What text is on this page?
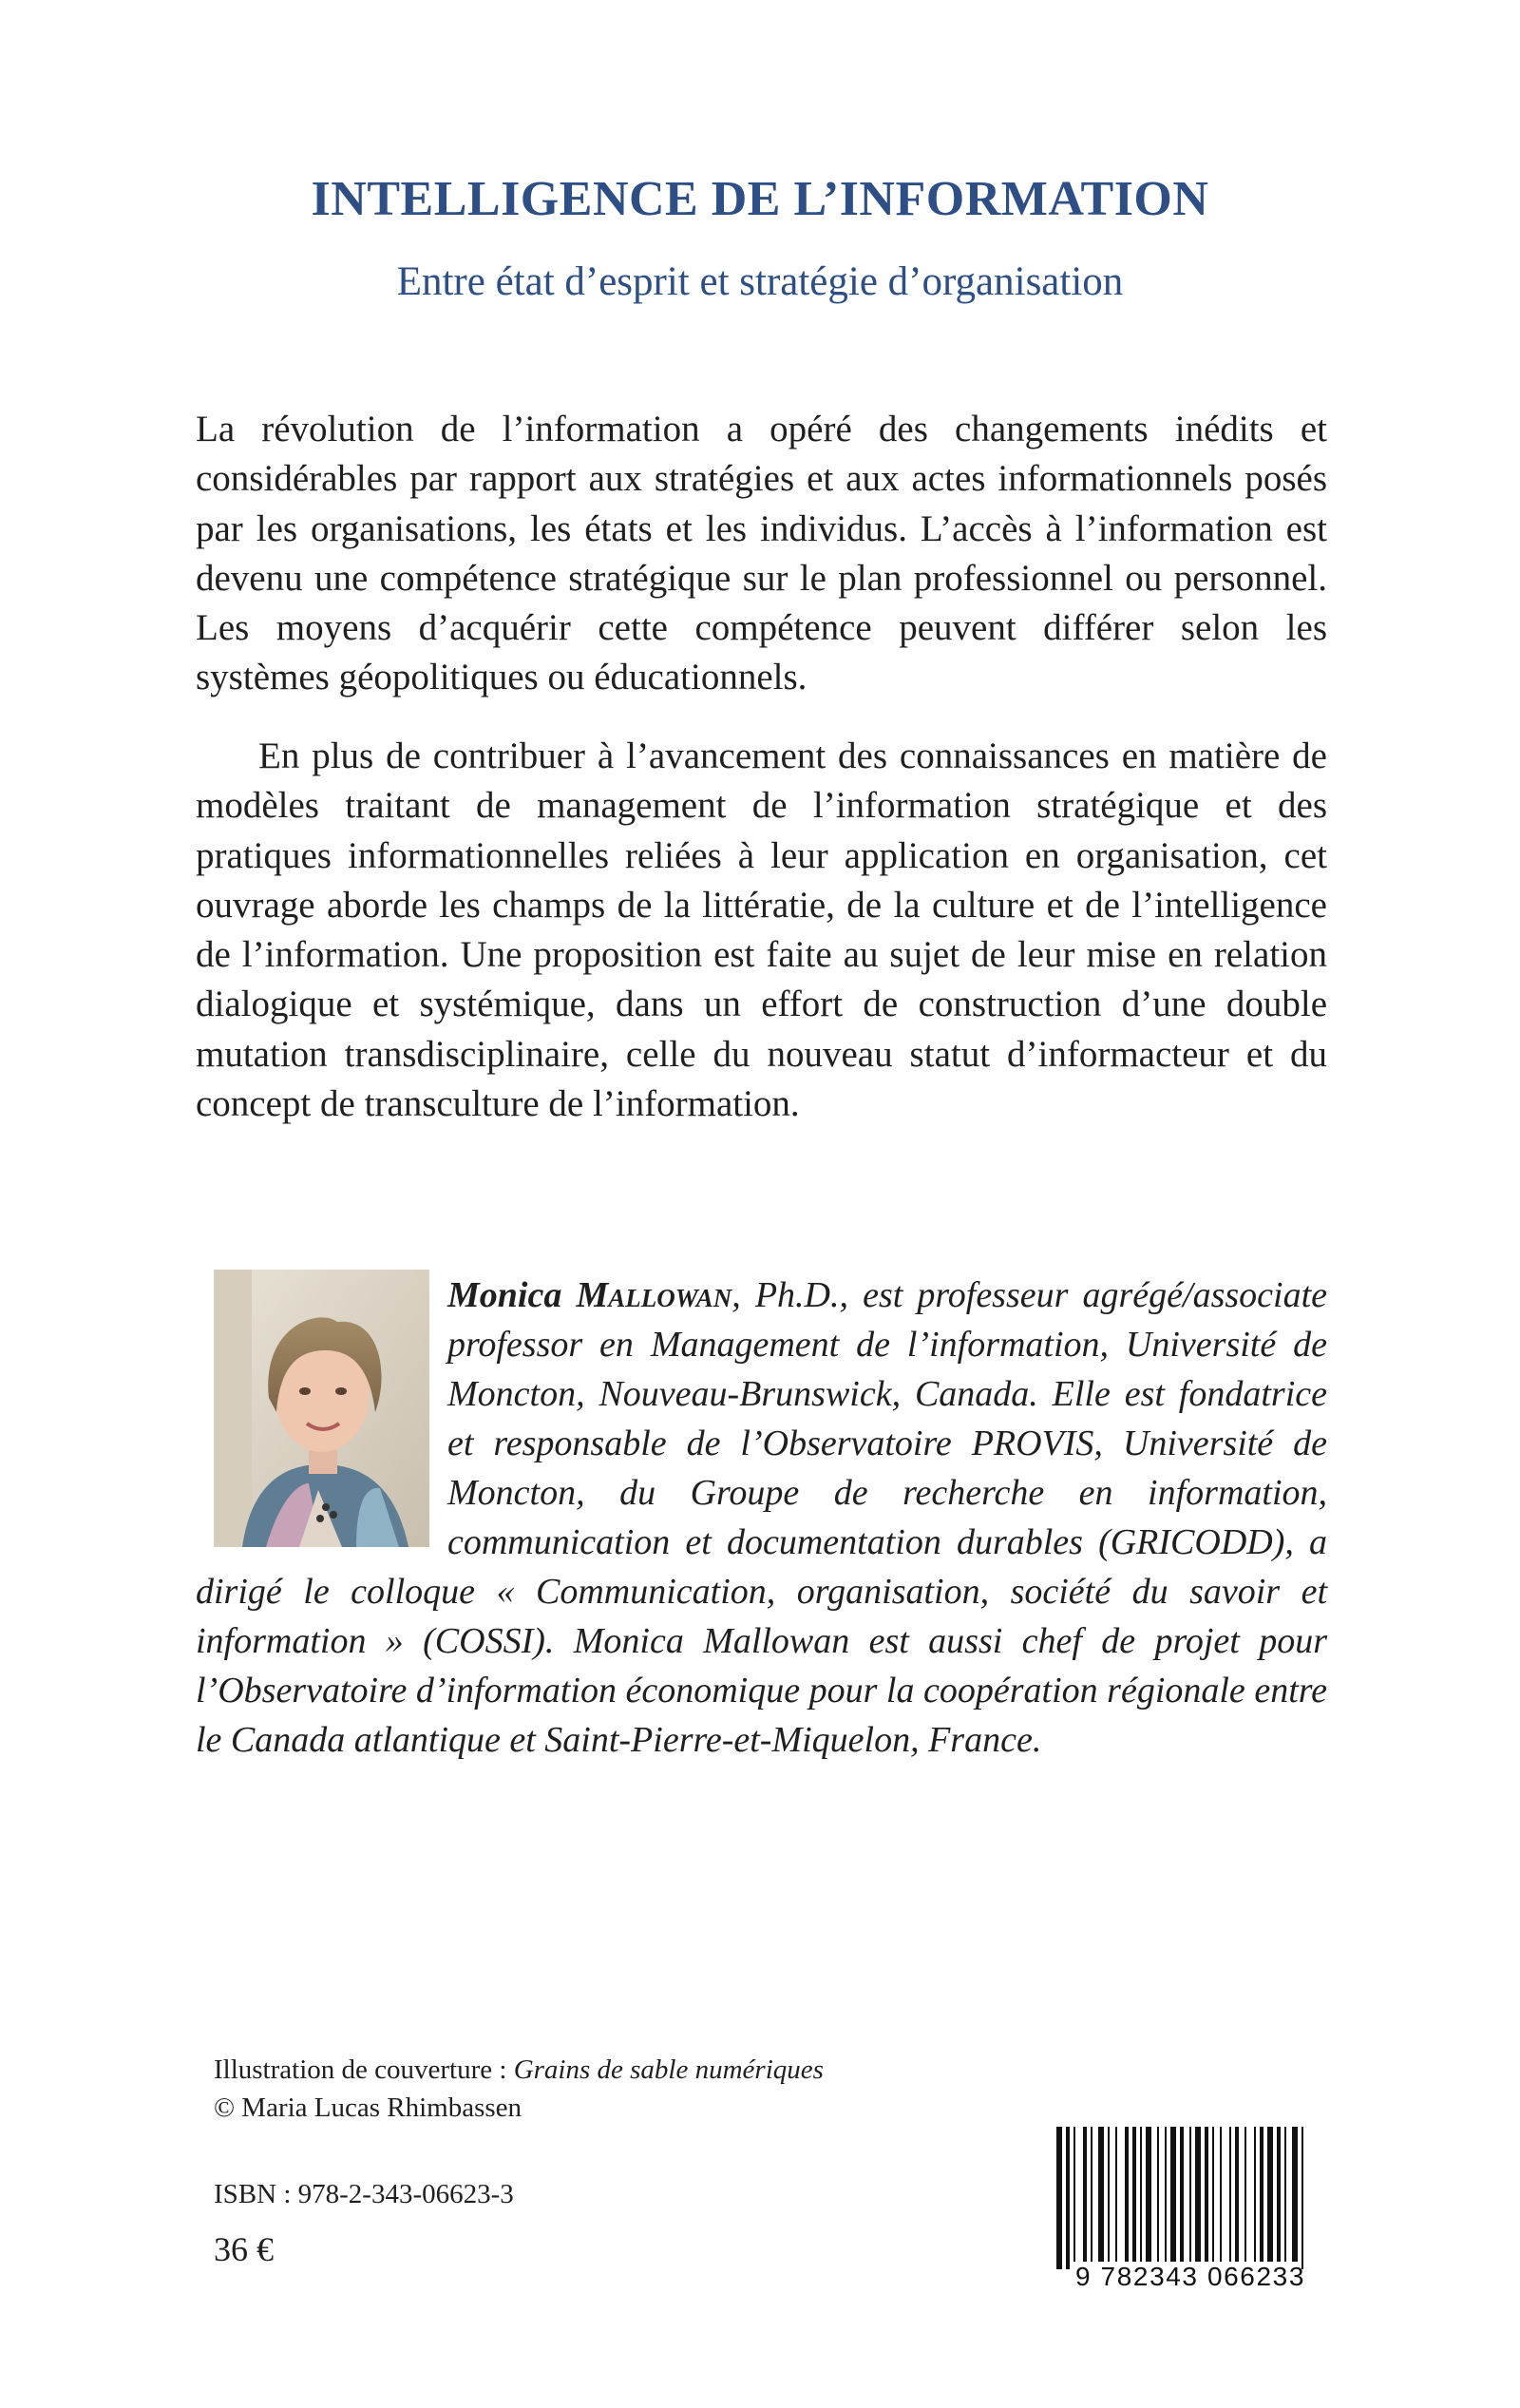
INTELLIGENCE DE L’INFORMATION
Entre état d’esprit et stratégie d’organisation
La révolution de l’information a opéré des changements inédits et considérables par rapport aux stratégies et aux actes informationnels posés par les organisations, les états et les individus. L’accès à l’information est devenu une compétence stratégique sur le plan professionnel ou personnel. Les moyens d’acquérir cette compétence peuvent différer selon les systèmes géopolitiques ou éducationnels.
En plus de contribuer à l’avancement des connaissances en matière de modèles traitant de management de l’information stratégique et des pratiques informationnelles reliées à leur application en organisation, cet ouvrage aborde les champs de la littératie, de la culture et de l’intelligence de l’information. Une proposition est faite au sujet de leur mise en relation dialogique et systémique, dans un effort de construction d’une double mutation transdisciplinaire, celle du nouveau statut d’informacteur et du concept de transculture de l’information.
Monica Mallowan, Ph.D., est professeur agrégé/associate professor en Management de l’information, Université de Moncton, Nouveau-Brunswick, Canada. Elle est fondatrice et responsable de l’Observatoire PROVIS, Université de Moncton, du Groupe de recherche en information, communication et documentation durables (GRICODD), a dirigé le colloque « Communication, organisation, société du savoir et information » (COSSI). Monica Mallowan est aussi chef de projet pour l’Observatoire d’information économique pour la coopération régionale entre le Canada atlantique et Saint-Pierre-et-Miquelon, France.
Illustration de couverture : Grains de sable numériques
© Maria Lucas Rhimbassen
ISBN : 978-2-343-06623-3
36 €
9 782343 066233
